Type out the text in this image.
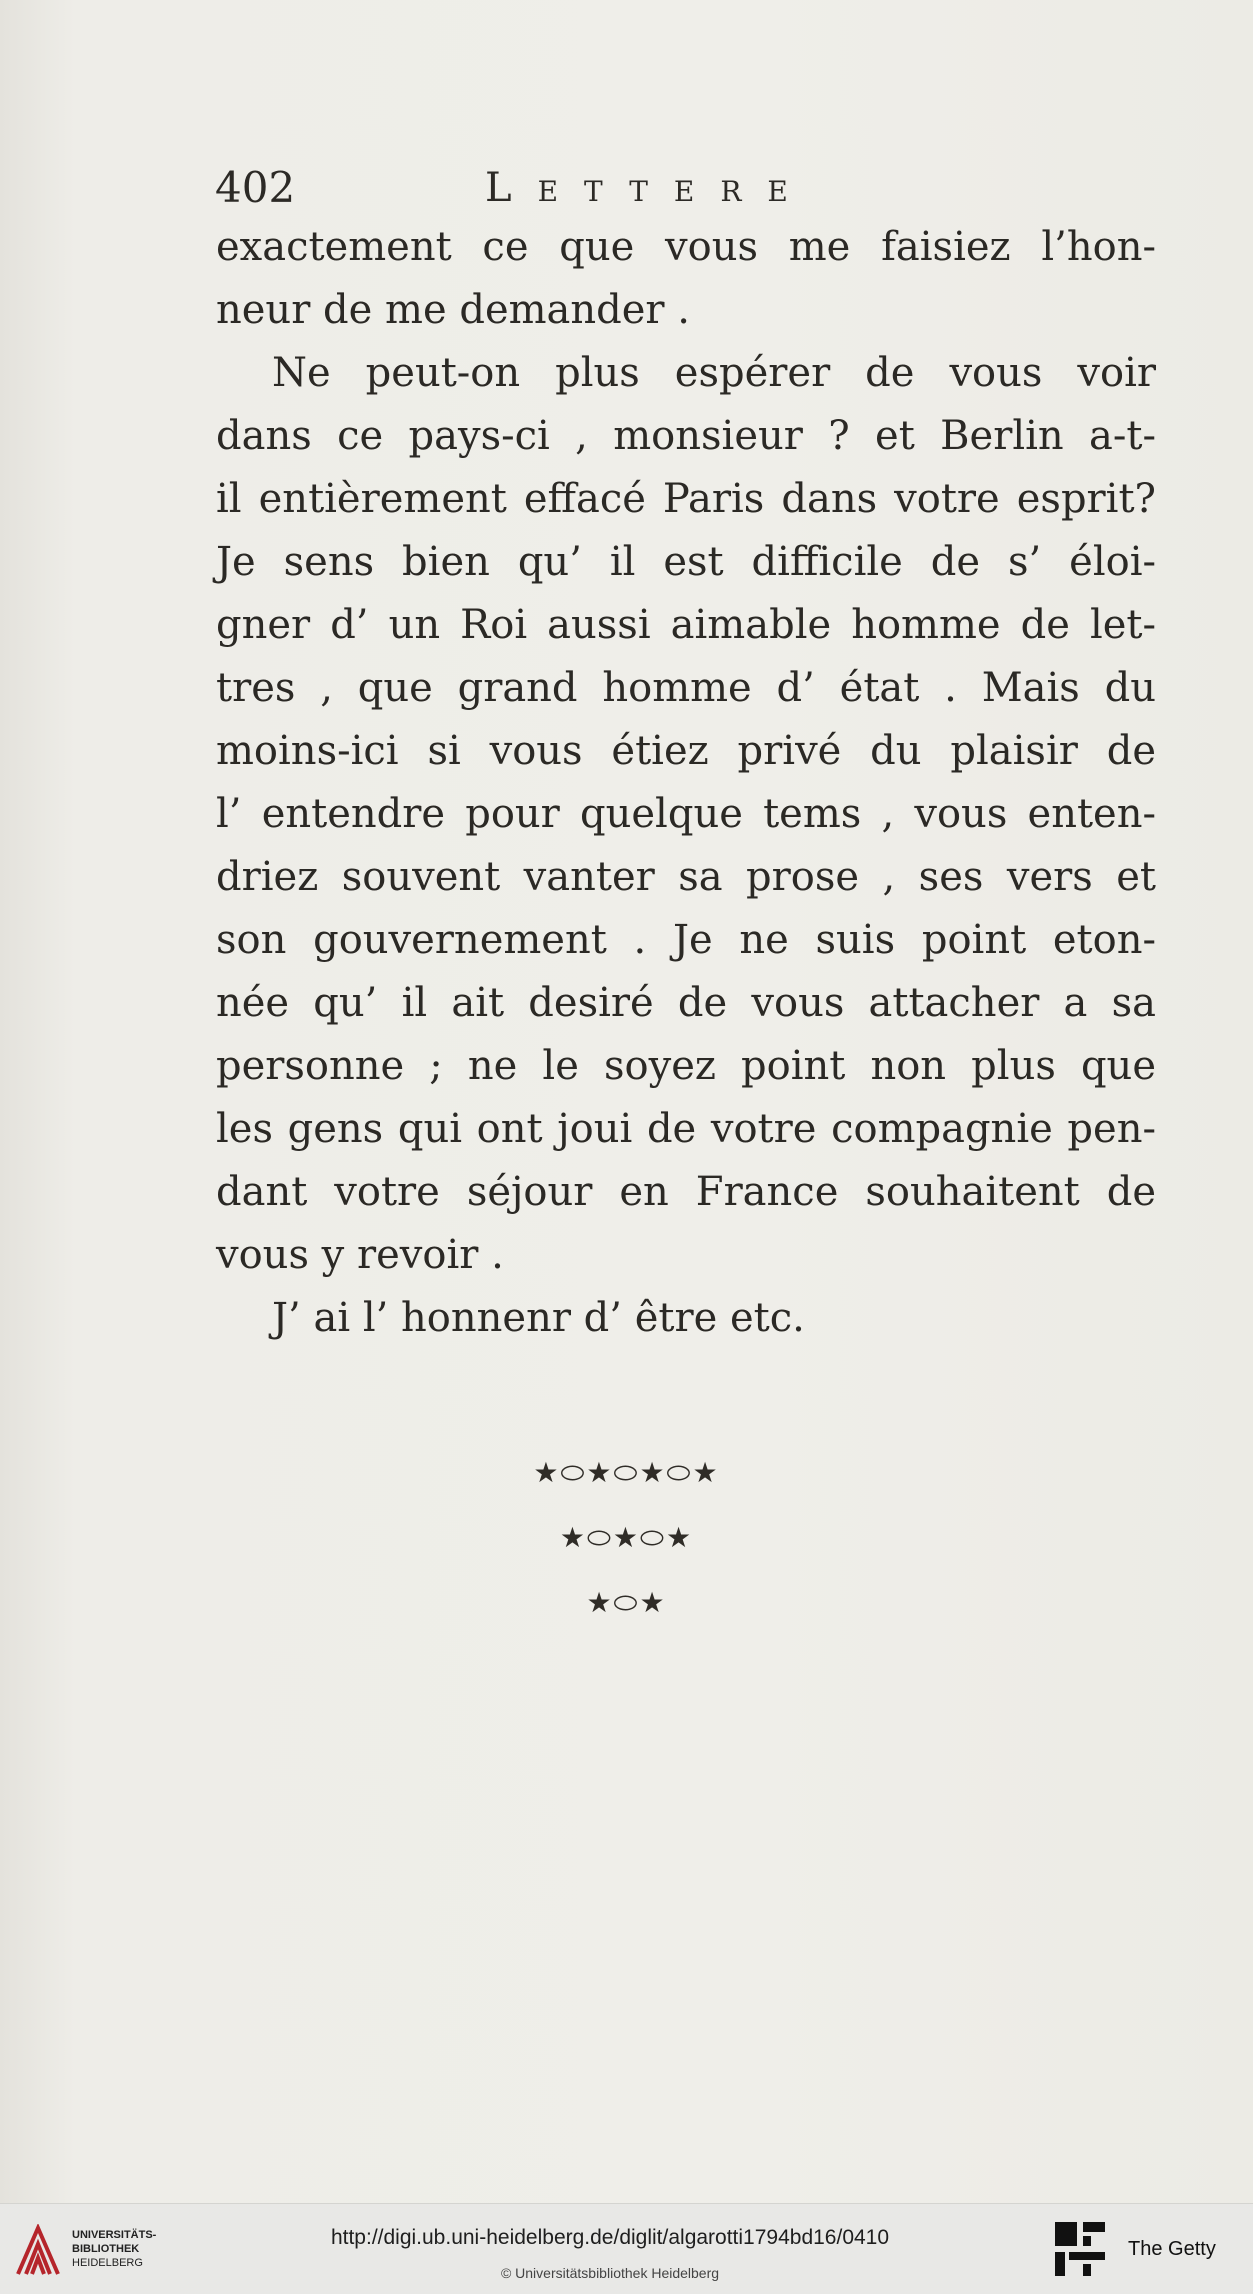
402	Lettere
exactement ce que vous me faisiez l’hon-
neur de me demander .
Ne peut-on plus espérer de vous voir
dans ce pays-ci , monsieur ? et Berlin a-t-
il entièrement effacé Paris dans votre esprit?
Je sens bien qu’ il est difficile de s’ éloi-
gner d’ un Roi aussi aimable homme de let-
tres , que grand homme d’ état . Mais du
moins-ici si vous étiez privé du plaisir de
l’ entendre pour quelque tems , vous enten-
driez souvent vanter sa prose , ses vers et
son gouvernement . Je ne suis point eton-
née qu’ il ait desiré de vous attacher a sa
personne ; ne le soyez point non plus que
les gens qui ont joui de votre compagnie pen-
dant votre séjour en France souhaitent de
vous y revoir .
J’ ai l’ honnenr d’ être etc.
★⬭★⬭★⬭★
★⬭★⬭★
★⬭★
UNIVERSITÄTS-
BIBLIOTHEK
HEIDELBERG
http://digi.ub.uni-heidelberg.de/diglit/algarotti1794bd16/0410
© Universitätsbibliothek Heidelberg
The Getty
